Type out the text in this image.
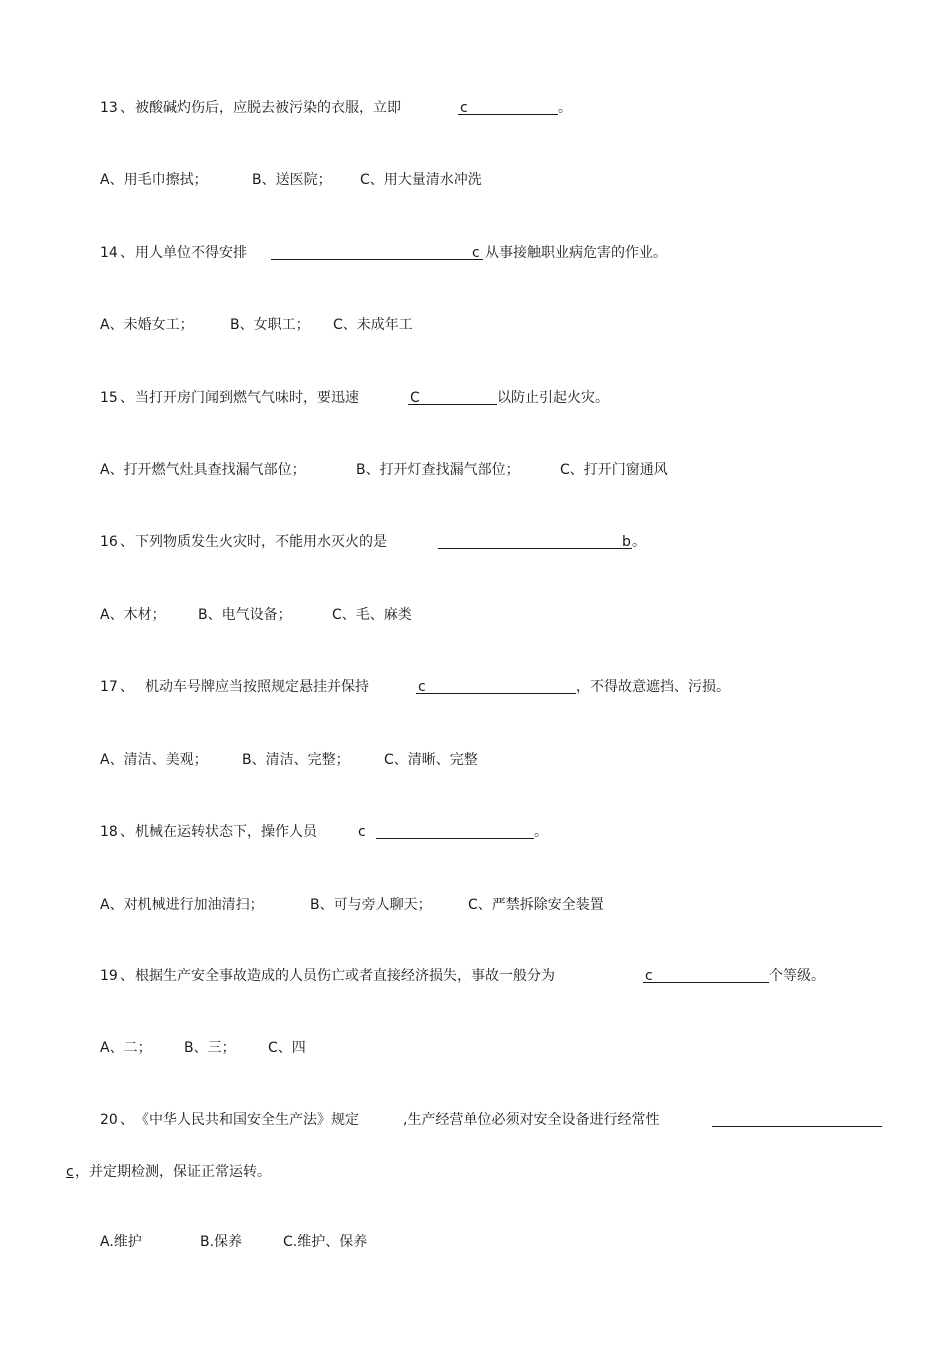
13 、 被酸碱灼伤后，应脱去被污染的衣服，立即	c	。
A、用毛巾擦拭；	B、送医院； C、用大量清水冲洗
14 、 用人单位不得安排	c 从事接触职业病危害的作业。
A、未婚女工；	B、女职工； C、未成年工
15 、 当打开房门闻到燃气气味时，要迅速	C	以防止引起火灾。
A、打开燃气灶具查找漏气部位；	B、打开灯查找漏气部位；	C、打开门窗通风
16 、 下列物质发生火灾时，不能用水灭火的是	b 。
A、木材； B、电气设备；	C、毛、麻类
17 、 机动车号牌应当按照规定悬挂并保持	c	，不得故意遮挡、污损。
A、清洁、美观； B、清洁、完整； C、清晰、完整
18 、 机械在运转状态下，操作人员	c	。
A、对机械进行加油清扫；	B、可与旁人聊天；	C、严禁拆除安全装置
19 、 根据生产安全事故造成的人员伤亡或者直接经济损失，事故一般分为	c	个等级。
A、二； B、三； C、四
20 、 《中华人民共和国安全生产法》规定	,生产经营单位必须对安全设备进行经常性
c ，并定期检测，保证正常运转。
A.维护	B.保养	C.维护、保养
